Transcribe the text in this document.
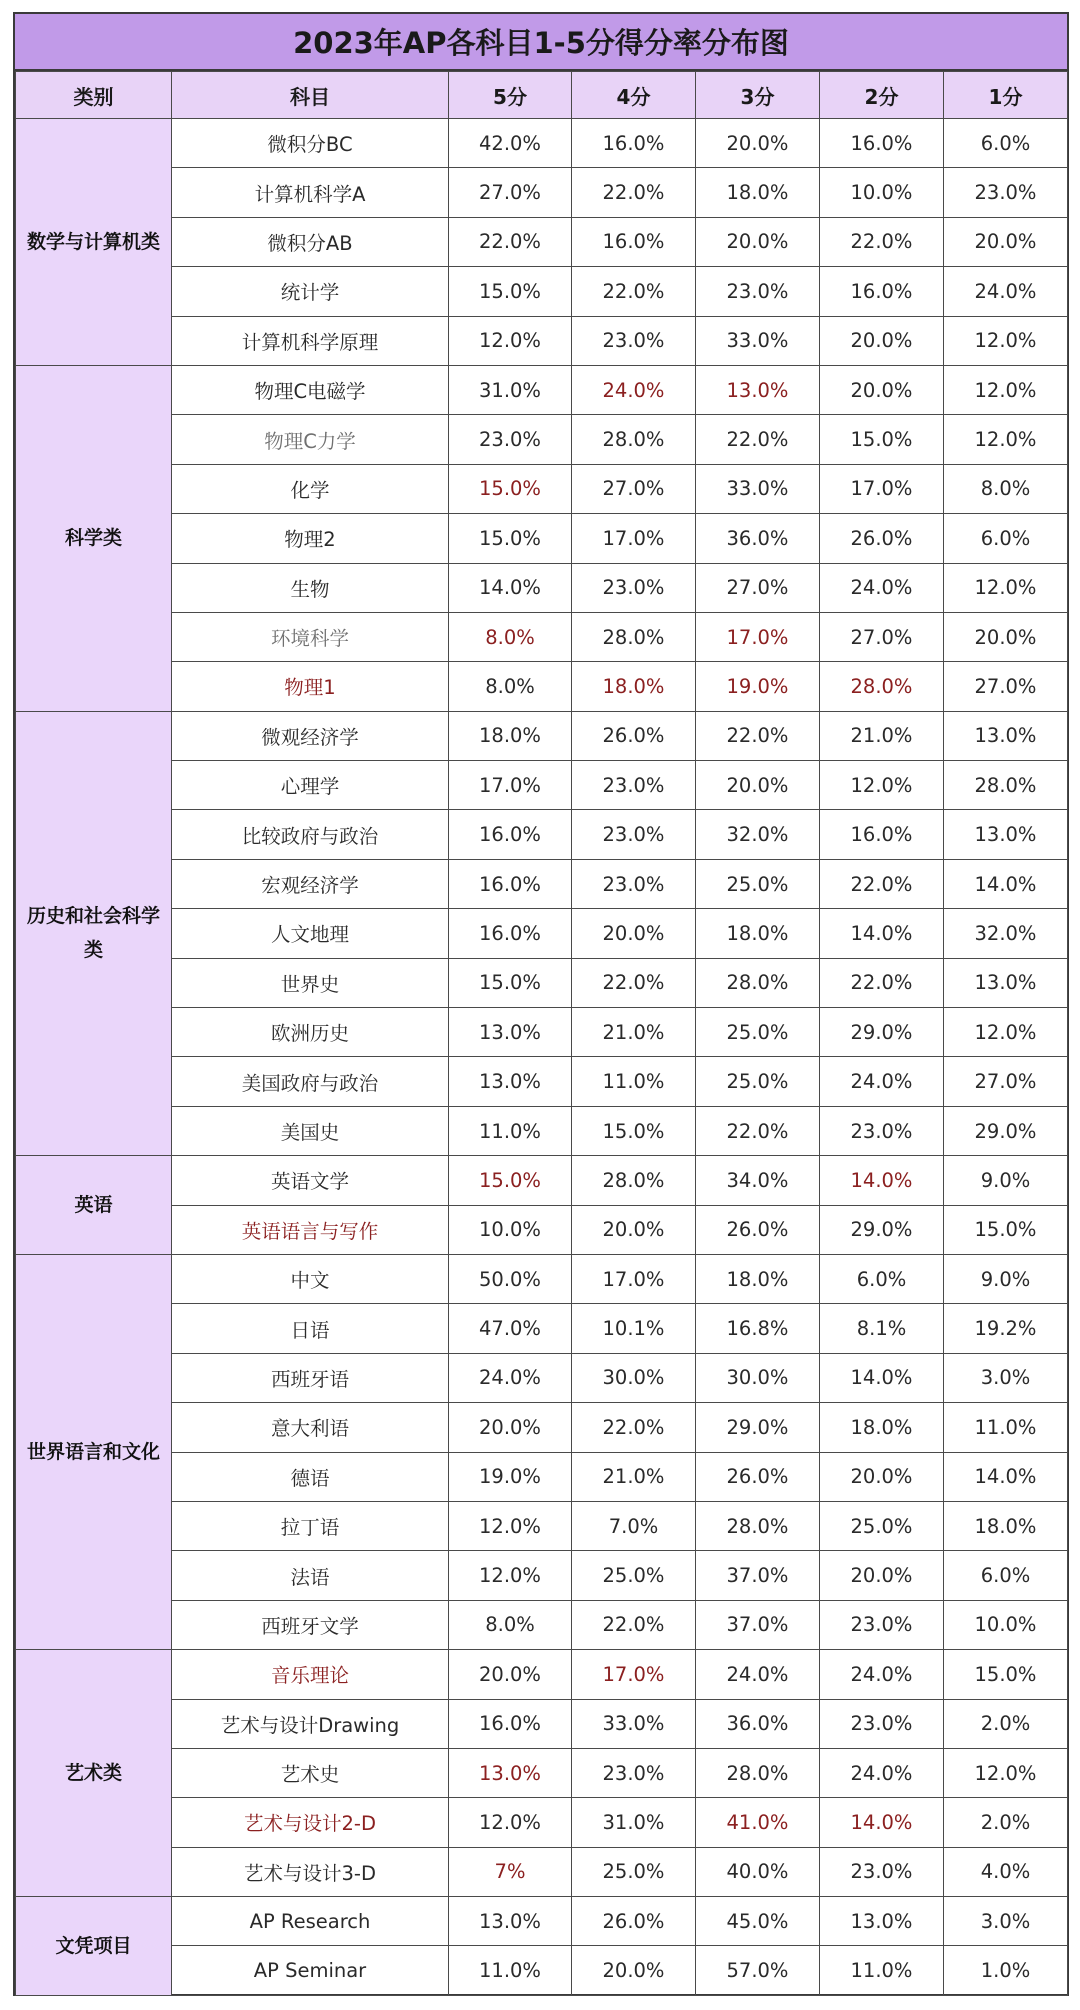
2023年AP各科目1-5分得分率分布图
类别	科目	5分	4分	3分	2分	1分
数学与计算机类	微积分BC	42.0%	16.0%	20.0%	16.0%	6.0%
	计算机科学A	27.0%	22.0%	18.0%	10.0%	23.0%
	微积分AB	22.0%	16.0%	20.0%	22.0%	20.0%
	统计学	15.0%	22.0%	23.0%	16.0%	24.0%
	计算机科学原理	12.0%	23.0%	33.0%	20.0%	12.0%
科学类	物理C电磁学	31.0%	24.0%	13.0%	20.0%	12.0%
	物理C力学	23.0%	28.0%	22.0%	15.0%	12.0%
	化学	15.0%	27.0%	33.0%	17.0%	8.0%
	物理2	15.0%	17.0%	36.0%	26.0%	6.0%
	生物	14.0%	23.0%	27.0%	24.0%	12.0%
	环境科学	8.0%	28.0%	17.0%	27.0%	20.0%
	物理1	8.0%	18.0%	19.0%	28.0%	27.0%
历史和社会科学类	微观经济学	18.0%	26.0%	22.0%	21.0%	13.0%
	心理学	17.0%	23.0%	20.0%	12.0%	28.0%
	比较政府与政治	16.0%	23.0%	32.0%	16.0%	13.0%
	宏观经济学	16.0%	23.0%	25.0%	22.0%	14.0%
	人文地理	16.0%	20.0%	18.0%	14.0%	32.0%
	世界史	15.0%	22.0%	28.0%	22.0%	13.0%
	欧洲历史	13.0%	21.0%	25.0%	29.0%	12.0%
	美国政府与政治	13.0%	11.0%	25.0%	24.0%	27.0%
	美国史	11.0%	15.0%	22.0%	23.0%	29.0%
英语	英语文学	15.0%	28.0%	34.0%	14.0%	9.0%
	英语语言与写作	10.0%	20.0%	26.0%	29.0%	15.0%
世界语言和文化	中文	50.0%	17.0%	18.0%	6.0%	9.0%
	日语	47.0%	10.1%	16.8%	8.1%	19.2%
	西班牙语	24.0%	30.0%	30.0%	14.0%	3.0%
	意大利语	20.0%	22.0%	29.0%	18.0%	11.0%
	德语	19.0%	21.0%	26.0%	20.0%	14.0%
	拉丁语	12.0%	7.0%	28.0%	25.0%	18.0%
	法语	12.0%	25.0%	37.0%	20.0%	6.0%
	西班牙文学	8.0%	22.0%	37.0%	23.0%	10.0%
艺术类	音乐理论	20.0%	17.0%	24.0%	24.0%	15.0%
	艺术与设计Drawing	16.0%	33.0%	36.0%	23.0%	2.0%
	艺术史	13.0%	23.0%	28.0%	24.0%	12.0%
	艺术与设计2-D	12.0%	31.0%	41.0%	14.0%	2.0%
	艺术与设计3-D	7%	25.0%	40.0%	23.0%	4.0%
文凭项目	AP Research	13.0%	26.0%	45.0%	13.0%	3.0%
	AP Seminar	11.0%	20.0%	57.0%	11.0%	1.0%
